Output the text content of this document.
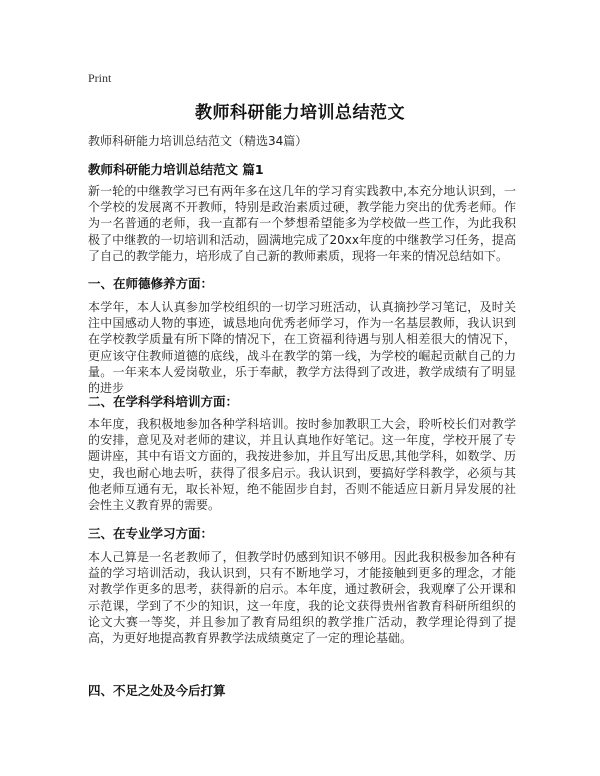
Print
教师科研能力培训总结范文
教师科研能力培训总结范文（精选34篇）
教师科研能力培训总结范文 篇1

新一轮的中继教学习已有两年多在这几年的学习育实践教中,本充分地认识到，一个学校的发展离不开教师，特别是政治素质过硬，教学能力突出的优秀老师。作为一名普通的老师，我一直都有一个梦想希望能多为学校做一些工作，为此我积极了中继教的一切培训和活动，圆满地完成了20xx年度的中继教学习任务，提高了自己的教学能力，培形成了自己新的教师素质，现将一年来的情况总结如下。

一、在师德修养方面：

本学年，本人认真参加学校组织的一切学习班活动，认真摘抄学习笔记，及时关注中国感动人物的事迹，诚恳地向优秀老师学习，作为一名基层教师，我认识到在学校教学质量有所下降的情况下，在工资福利待遇与别人相差很大的情况下，更应该守住教师道德的底线，战斗在教学的第一线，为学校的崛起贡献自己的力量。一年来本人爱岗敬业，乐于奉献，教学方法得到了改进，教学成绩有了明显的进步

二、在学科学科培训方面：

本年度，我积极地参加各种学科培训。按时参加教职工大会，聆听校长们对教学的安排，意见及对老师的建议，并且认真地作好笔记。这一年度，学校开展了专题讲座，其中有语文方面的，我按进参加，并且写出反思,其他学科，如数学、历史，我也耐心地去听，获得了很多启示。我认识到，要搞好学科教学，必须与其他老师互通有无，取长补短，绝不能固步自封，否则不能适应日新月异发展的社会性主义教育界的需要。

三、在专业学习方面：

本人己算是一名老教师了，但教学时仍感到知识不够用。因此我积极参加各种有益的学习培训活动，我认识到，只有不断地学习，才能接触到更多的理念，才能对教学作更多的思考，获得新的启示。本年度，通过教研会，我观摩了公开课和示范课，学到了不少的知识，这一年度，我的论文获得贵州省教育科研所组织的论文大赛一等奖，并且参加了教育局组织的教学推广活动，教学理论得到了提高，为更好地提高教育界教学法成绩奠定了一定的理论基础。

四、不足之处及今后打算
